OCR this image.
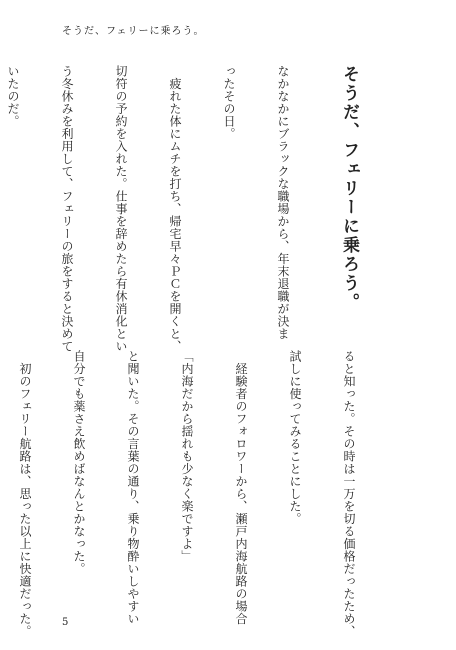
そうだ、フェリーに乗ろう。

そうだ、フェリーに乗ろう。

なかなかにブラックな職場から、年末退職が決ま

ったその日。

　疲れた体にムチを打ち、帰宅早々ＰＣを開くと、

切符の予約を入れた。仕事を辞めたら有休消化とい

う冬休みを利用して、フェリーの旅をすると決めて

いたのだ。

ると知った。その時は一万を切る価格だったため、

試しに使ってみることにした。

　経験者のフォロワーから、瀬戸内海航路の場合

「内海だから揺れも少なく楽ですよ」

と聞いた。その言葉の通り、乗り物酔いしやすい

自分でも薬さえ飲めばなんとかなった。

　初のフェリー航路は、思った以上に快適だった。

	5
